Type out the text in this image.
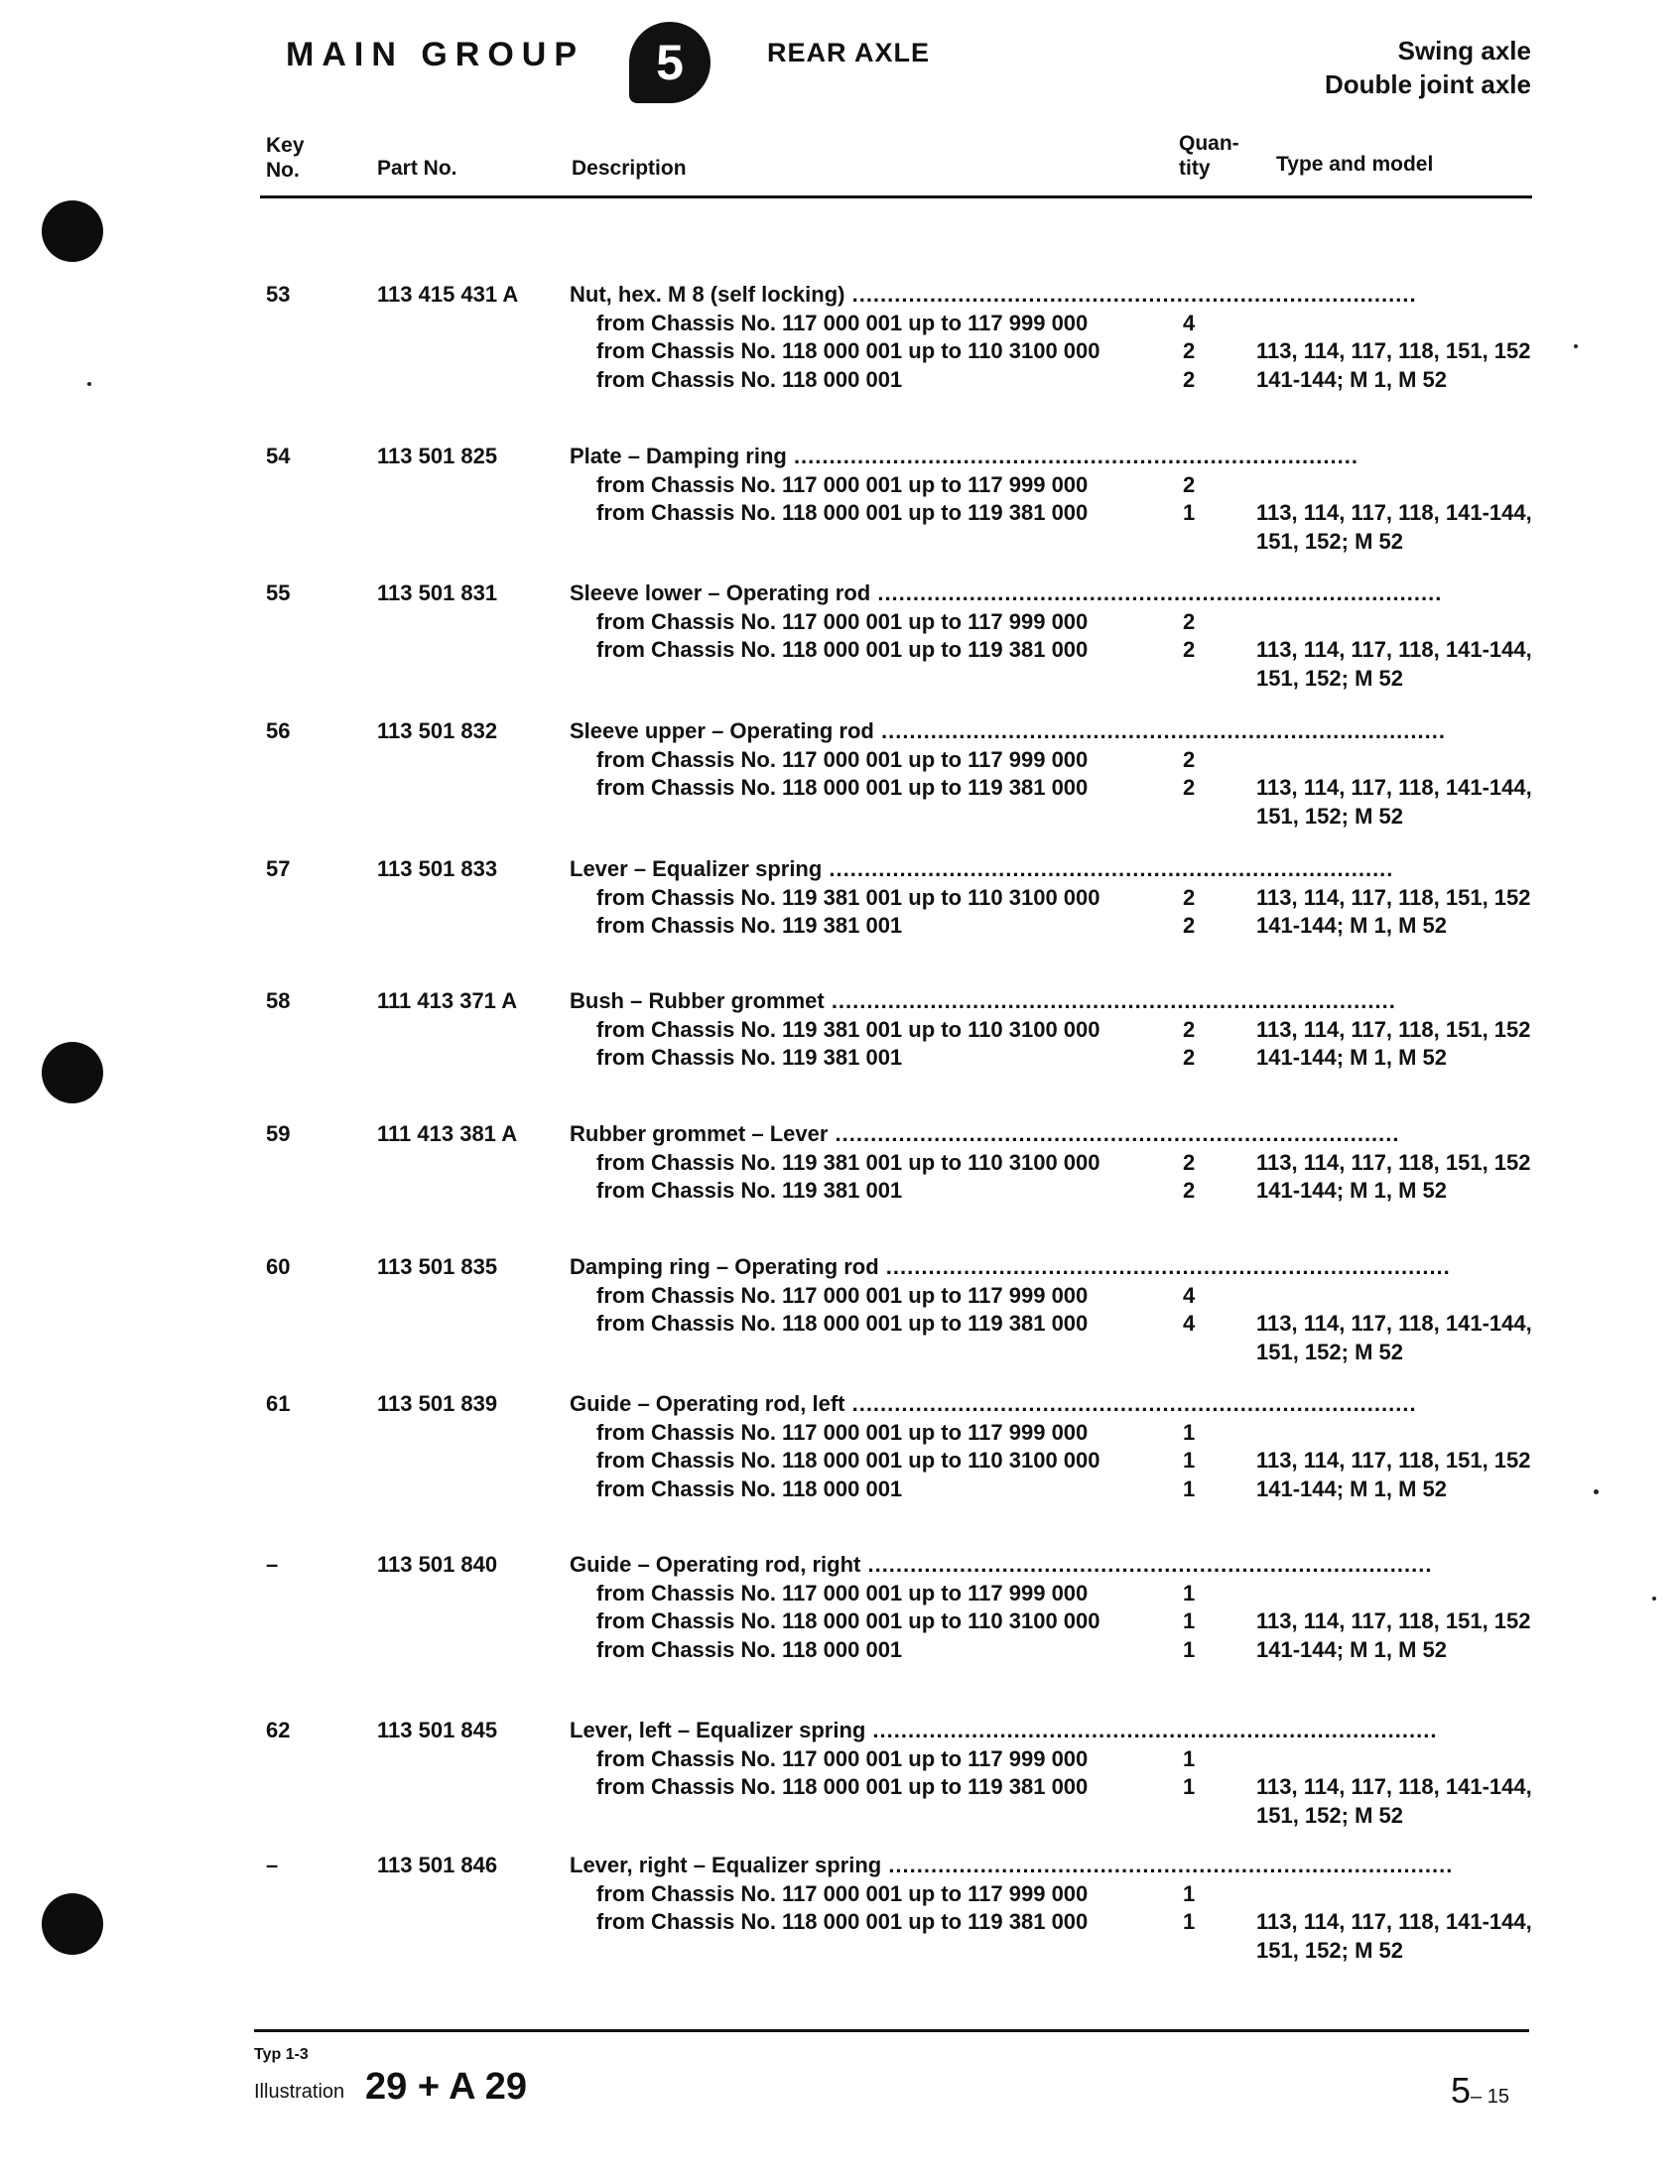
MAIN GROUP	5	REAR AXLE	Swing axle
Double joint axle
Key
No.	Part No.	Description
Quan-
tity	Type and model
53	113 415 431 A Nut, hex. M 8 (self locking) ................................................................................
from Chassis No. 117 000 001 up to 117 999 000	4
from Chassis No. 118 000 001 up to 110 3100 000	2	113, 114, 117, 118, 151, 152
from Chassis No. 118 000 001	2	141-144; M 1, M 52
54	113 501 825	Plate – Damping ring ................................................................................
from Chassis No. 117 000 001 up to 117 999 000	2
from Chassis No. 118 000 001 up to 119 381 000	1	113, 114, 117, 118, 141-144,
151, 152; M 52
55	113 501 831	Sleeve lower – Operating rod ................................................................................
from Chassis No. 117 000 001 up to 117 999 000	2
from Chassis No. 118 000 001 up to 119 381 000	2	113, 114, 117, 118, 141-144,
151, 152; M 52
56	113 501 832	Sleeve upper – Operating rod ................................................................................
from Chassis No. 117 000 001 up to 117 999 000	2
from Chassis No. 118 000 001 up to 119 381 000	2	113, 114, 117, 118, 141-144,
151, 152; M 52
57	113 501 833	Lever – Equalizer spring ................................................................................
from Chassis No. 119 381 001 up to 110 3100 000	2	113, 114, 117, 118, 151, 152
from Chassis No. 119 381 001	2	141-144; M 1, M 52
58	111 413 371 A Bush – Rubber grommet ................................................................................
from Chassis No. 119 381 001 up to 110 3100 000	2	113, 114, 117, 118, 151, 152
from Chassis No. 119 381 001	2	141-144; M 1, M 52
59	111 413 381 A Rubber grommet – Lever ................................................................................
from Chassis No. 119 381 001 up to 110 3100 000	2	113, 114, 117, 118, 151, 152
from Chassis No. 119 381 001	2	141-144; M 1, M 52
60	113 501 835	Damping ring – Operating rod ................................................................................
from Chassis No. 117 000 001 up to 117 999 000	4
from Chassis No. 118 000 001 up to 119 381 000	4	113, 114, 117, 118, 141-144,
151, 152; M 52
61	113 501 839	Guide – Operating rod, left ................................................................................
from Chassis No. 117 000 001 up to 117 999 000	1
from Chassis No. 118 000 001 up to 110 3100 000	1	113, 114, 117, 118, 151, 152
from Chassis No. 118 000 001	1	141-144; M 1, M 52
–	113 501 840	Guide – Operating rod, right ................................................................................
from Chassis No. 117 000 001 up to 117 999 000	1
from Chassis No. 118 000 001 up to 110 3100 000	1	113, 114, 117, 118, 151, 152
from Chassis No. 118 000 001	1	141-144; M 1, M 52
62	113 501 845	Lever, left – Equalizer spring ................................................................................
from Chassis No. 117 000 001 up to 117 999 000	1
from Chassis No. 118 000 001 up to 119 381 000	1	113, 114, 117, 118, 141-144,
151, 152; M 52
–	113 501 846	Lever, right – Equalizer spring ................................................................................
from Chassis No. 117 000 001 up to 117 999 000	1
from Chassis No. 118 000 001 up to 119 381 000	1	113, 114, 117, 118, 141-144,
151, 152; M 52
Typ 1-3
Illustration 29 + A 29	5– 15
